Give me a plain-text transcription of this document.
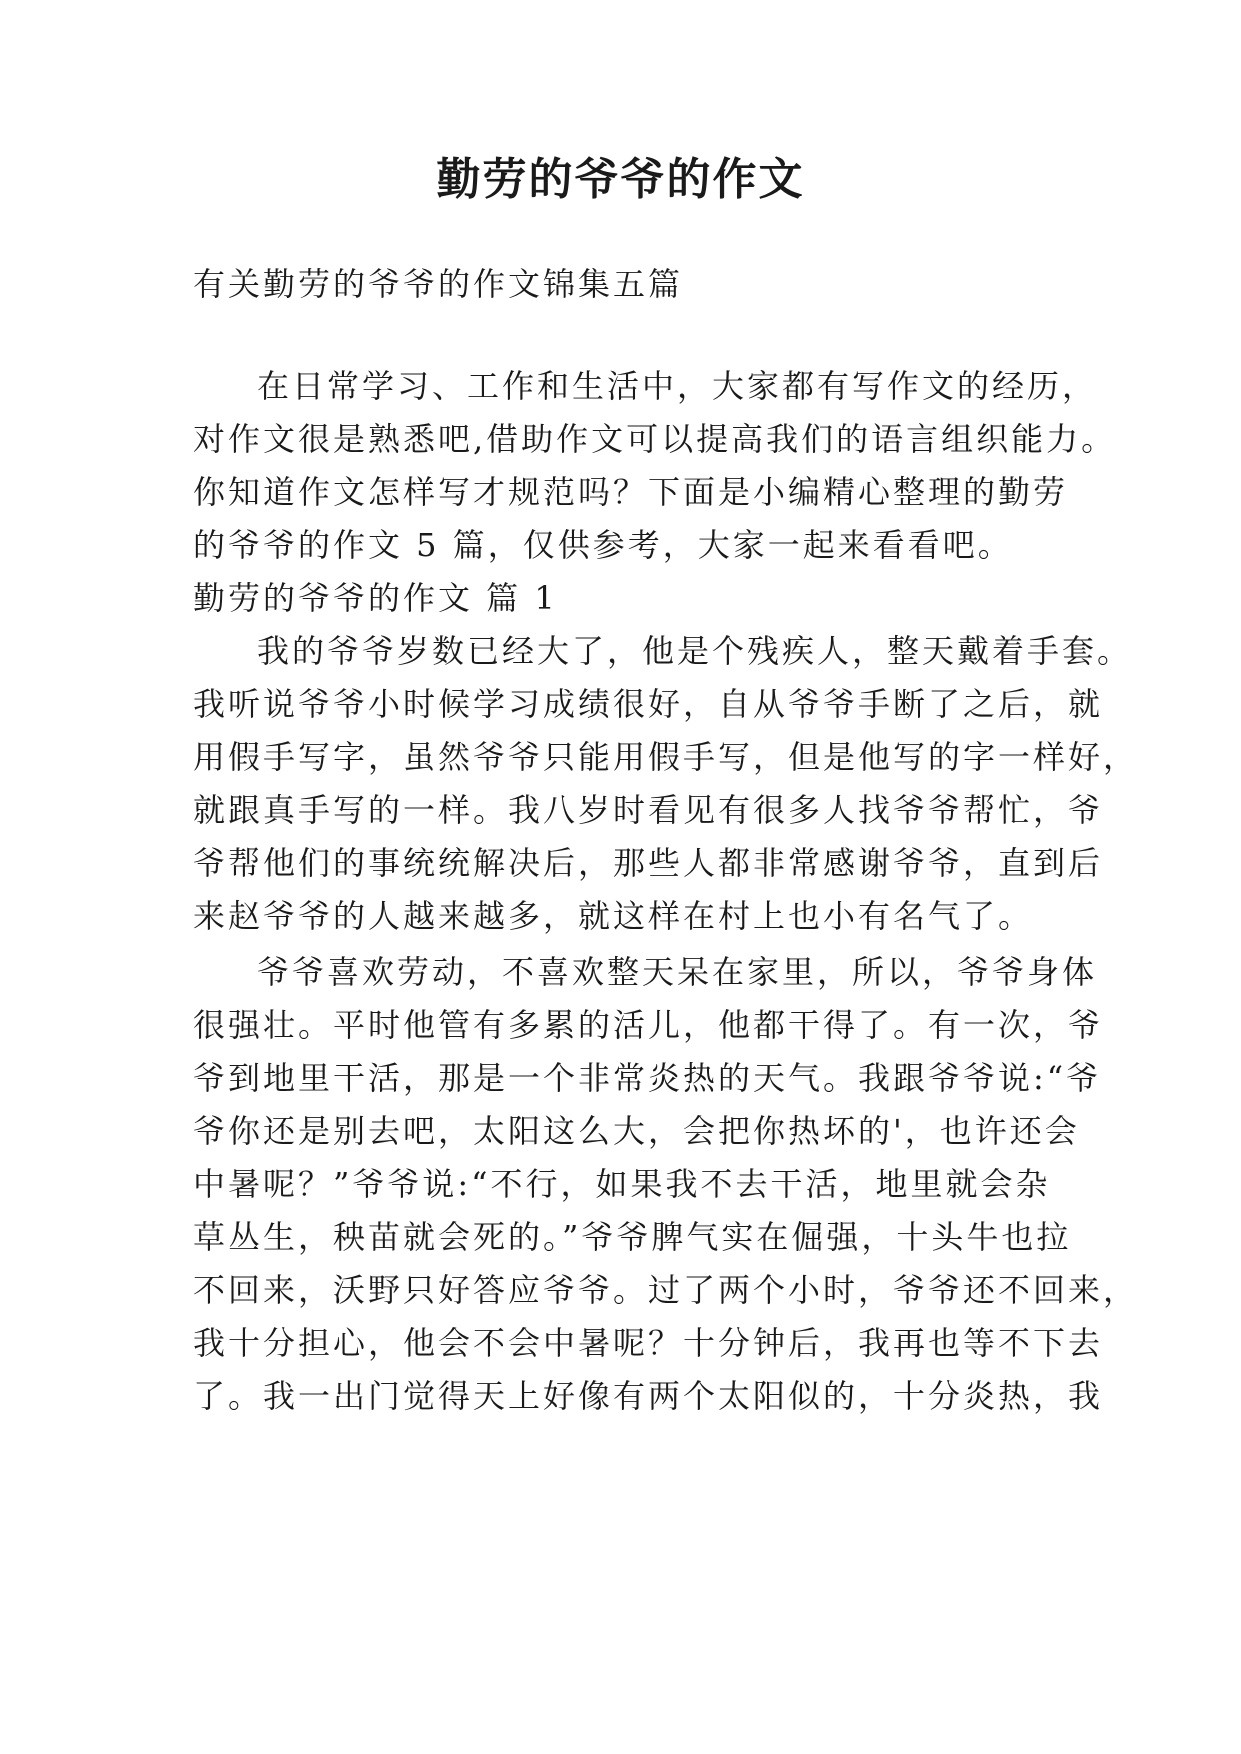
勤劳的爷爷的作文
有关勤劳的爷爷的作文锦集五篇
在日常学习、工作和生活中，大家都有写作文的经历，
对作文很是熟悉吧,借助作文可以提高我们的语言组织能力。
你知道作文怎样写才规范吗？下面是小编精心整理的勤劳
的爷爷的作文 5 篇，仅供参考，大家一起来看看吧。
勤劳的爷爷的作文 篇 1
我的爷爷岁数已经大了，他是个残疾人，整天戴着手套。
我听说爷爷小时候学习成绩很好，自从爷爷手断了之后，就
用假手写字，虽然爷爷只能用假手写，但是他写的字一样好，
就跟真手写的一样。我八岁时看见有很多人找爷爷帮忙，爷
爷帮他们的事统统解决后，那些人都非常感谢爷爷，直到后
来赵爷爷的人越来越多，就这样在村上也小有名气了。
爷爷喜欢劳动，不喜欢整天呆在家里，所以，爷爷身体
很强壮。平时他管有多累的活儿，他都干得了。有一次，爷
爷到地里干活，那是一个非常炎热的天气。我跟爷爷说:“爷
爷你还是别去吧，太阳这么大，会把你热坏的'，也许还会
中暑呢？”爷爷说:“不行，如果我不去干活，地里就会杂
草丛生，秧苗就会死的。”爷爷脾气实在倔强，十头牛也拉
不回来，沃野只好答应爷爷。过了两个小时，爷爷还不回来，
我十分担心，他会不会中暑呢？十分钟后，我再也等不下去
了。我一出门觉得天上好像有两个太阳似的，十分炎热，我
